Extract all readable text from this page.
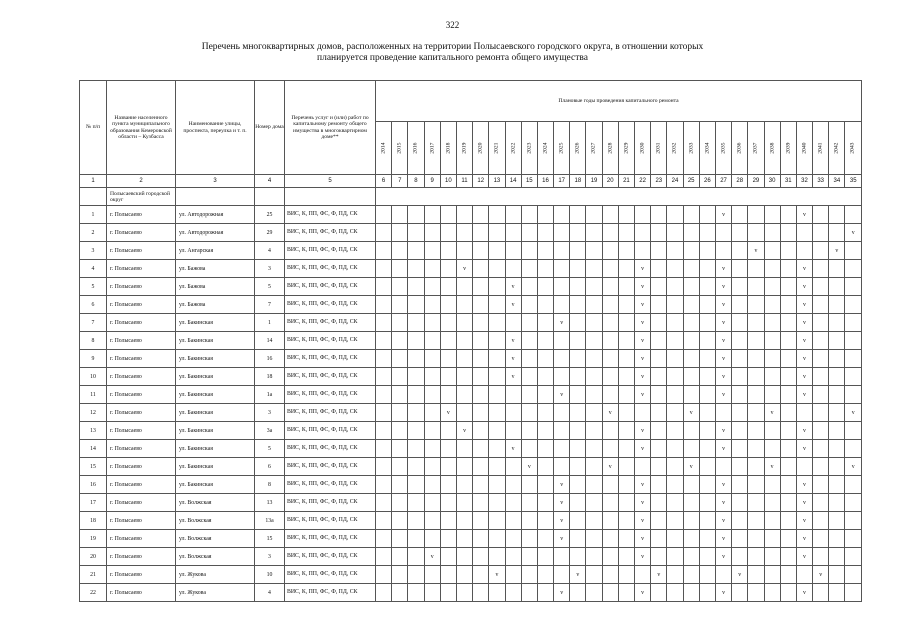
322
Перечень многоквартирных домов, расположенных на территории Полысаевского городского округа, в отношении которых
планируется проведение капитального ремонта общего имущества
№ п/п	Название населенного пункта муниципального образования Кемеровской области – Кузбасса	Наименование улицы, проспекта, переулка и т. п.	Номер дома	Перечень услуг и (или) работ по капитальному ремонту общего имущества в многоквартирном доме**	Плановые годы проведения капитального ремонта																													

					2014	2015	2016	2017	2018	2019	2020	2021	2022	2023	2024	2025	2026	2027	2028	2029	2030	2031	2032	2033	2034	2035	2036	2037	2038	2039	2040	2041	2042	2043

1	2	3	4	5	6	7	8	9	10	11	12	13	14	15	16	17	18	19	20	21	22	23	24	25	26	27	28	29	30	31	32	33	34	35
	Полысаевский городской округ																																	
1	г. Полысаево	ул. Автодорожная	25	ВИС, К, ПП, ФС, Ф, ПД, СК																						v					v			
2	г. Полысаево	ул. Автодорожная	29	ВИС, К, ПП, ФС, Ф, ПД, СК																														v
3	г. Полысаево	ул. Ангарская	4	ВИС, К, ПП, ФС, Ф, ПД, СК																								v					v	
4	г. Полысаево	ул. Бажова	3	ВИС, К, ПП, ФС, Ф, ПД, СК						v											v					v					v			
5	г. Полысаево	ул. Бажова	5	ВИС, К, ПП, ФС, Ф, ПД, СК									v								v					v					v			
6	г. Полысаево	ул. Бажова	7	ВИС, К, ПП, ФС, Ф, ПД, СК									v								v					v					v			
7	г. Полысаево	ул. Бакинская	1	ВИС, К, ПП, ФС, Ф, ПД, СК												v					v					v					v			
8	г. Полысаево	ул. Бакинская	14	ВИС, К, ПП, ФС, Ф, ПД, СК									v								v					v					v			
9	г. Полысаево	ул. Бакинская	16	ВИС, К, ПП, ФС, Ф, ПД, СК									v								v					v					v			
10	г. Полысаево	ул. Бакинская	18	ВИС, К, ПП, ФС, Ф, ПД, СК									v								v					v					v			
11	г. Полысаево	ул. Бакинская	1а	ВИС, К, ПП, ФС, Ф, ПД, СК												v					v					v					v			
12	г. Полысаево	ул. Бакинская	3	ВИС, К, ПП, ФС, Ф, ПД, СК					v										v					v					v					v
13	г. Полысаево	ул. Бакинская	3а	ВИС, К, ПП, ФС, Ф, ПД, СК						v											v					v					v			
14	г. Полысаево	ул. Бакинская	5	ВИС, К, ПП, ФС, Ф, ПД, СК									v								v					v					v			
15	г. Полысаево	ул. Бакинская	6	ВИС, К, ПП, ФС, Ф, ПД, СК										v					v					v					v					v
16	г. Полысаево	ул. Бакинская	8	ВИС, К, ПП, ФС, Ф, ПД, СК												v					v					v					v			
17	г. Полысаево	ул. Волжская	13	ВИС, К, ПП, ФС, Ф, ПД, СК												v					v					v					v			
18	г. Полысаево	ул. Волжская	13а	ВИС, К, ПП, ФС, Ф, ПД, СК												v					v					v					v			
19	г. Полысаево	ул. Волжская	15	ВИС, К, ПП, ФС, Ф, ПД, СК												v					v					v					v			
20	г. Полысаево	ул. Волжская	3	ВИС, К, ПП, ФС, Ф, ПД, СК				v													v					v					v			
21	г. Полысаево	ул. Жукова	10	ВИС, К, ПП, ФС, Ф, ПД, СК								v					v					v					v					v		
22	г. Полысаево	ул. Жукова	4	ВИС, К, ПП, ФС, Ф, ПД, СК												v					v					v					v			
